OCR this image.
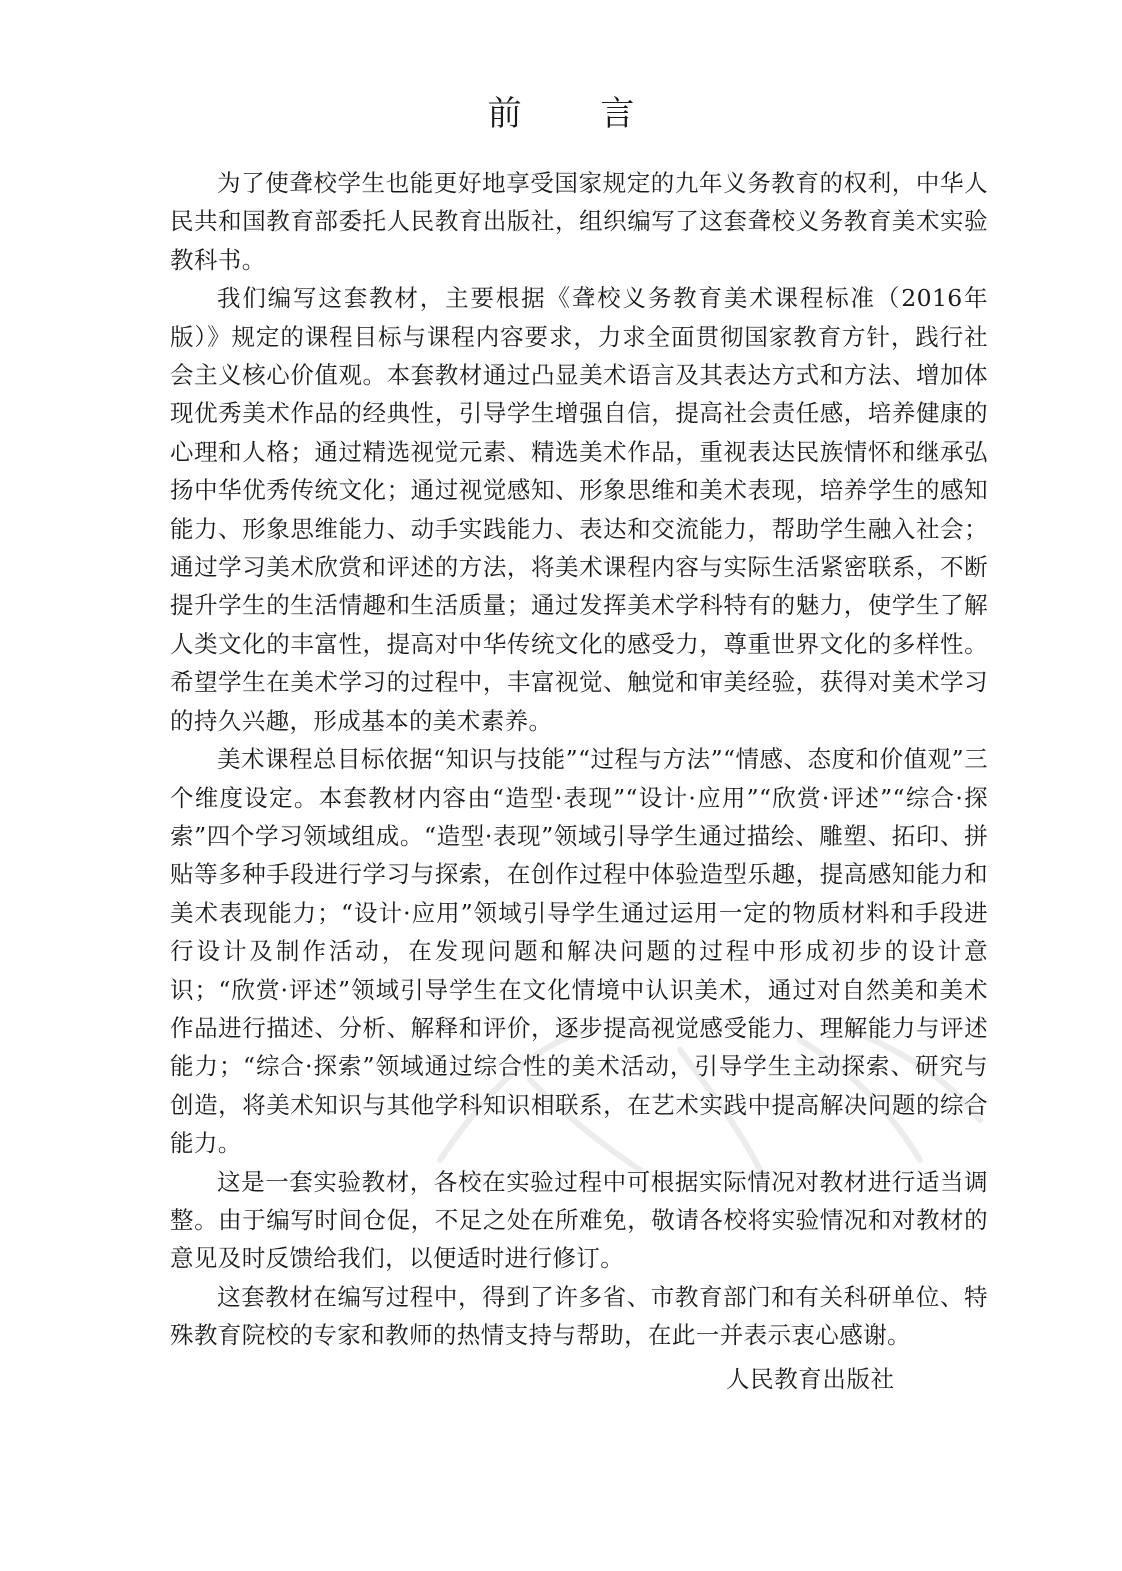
前 言

为了使聋校学生也能更好地享受国家规定的九年义务教育的权利，中华人民共和国教育部委托人民教育出版社，组织编写了这套聋校义务教育美术实验教科书。

我们编写这套教材，主要根据《聋校义务教育美术课程标准（2016年版）》规定的课程目标与课程内容要求，力求全面贯彻国家教育方针，践行社会主义核心价值观。本套教材通过凸显美术语言及其表达方式和方法、增加体现优秀美术作品的经典性，引导学生增强自信，提高社会责任感，培养健康的心理和人格；通过精选视觉元素、精选美术作品，重视表达民族情怀和继承弘扬中华优秀传统文化；通过视觉感知、形象思维和美术表现，培养学生的感知能力、形象思维能力、动手实践能力、表达和交流能力，帮助学生融入社会；通过学习美术欣赏和评述的方法，将美术课程内容与实际生活紧密联系，不断提升学生的生活情趣和生活质量；通过发挥美术学科特有的魅力，使学生了解人类文化的丰富性，提高对中华传统文化的感受力，尊重世界文化的多样性。希望学生在美术学习的过程中，丰富视觉、触觉和审美经验，获得对美术学习的持久兴趣，形成基本的美术素养。

美术课程总目标依据“知识与技能”“过程与方法”“情感、态度和价值观”三个维度设定。本套教材内容由“造型·表现”“设计·应用”“欣赏·评述”“综合·探索”四个学习领域组成。“造型·表现”领域引导学生通过描绘、雕塑、拓印、拼贴等多种手段进行学习与探索，在创作过程中体验造型乐趣，提高感知能力和美术表现能力；“设计·应用”领域引导学生通过运用一定的物质材料和手段进行设计及制作活动，在发现问题和解决问题的过程中形成初步的设计意识；“欣赏·评述”领域引导学生在文化情境中认识美术，通过对自然美和美术作品进行描述、分析、解释和评价，逐步提高视觉感受能力、理解能力与评述能力；“综合·探索”领域通过综合性的美术活动，引导学生主动探索、研究与创造，将美术知识与其他学科知识相联系，在艺术实践中提高解决问题的综合能力。

这是一套实验教材，各校在实验过程中可根据实际情况对教材进行适当调整。由于编写时间仓促，不足之处在所难免，敬请各校将实验情况和对教材的意见及时反馈给我们，以便适时进行修订。

这套教材在编写过程中，得到了许多省、市教育部门和有关科研单位、特殊教育院校的专家和教师的热情支持与帮助，在此一并表示衷心感谢。

人民教育出版社
